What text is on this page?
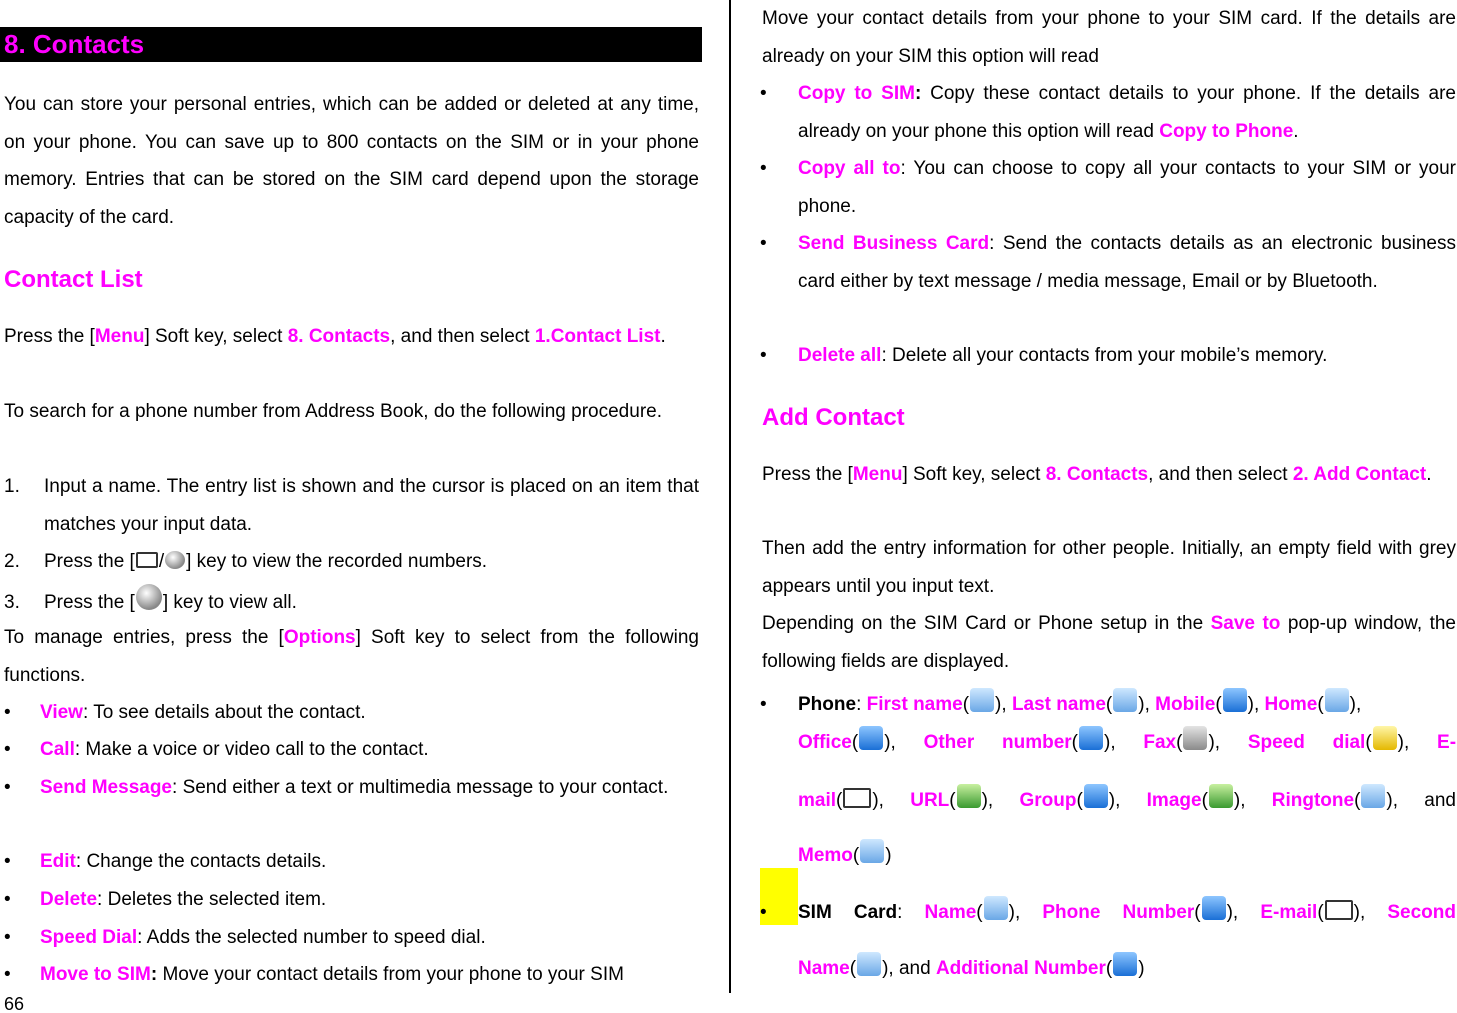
8. Contacts
You can store your personal entries, which can be added or deleted at any time, on your phone. You can save up to 800 contacts on the SIM or in your phone memory. Entries that can be stored on the SIM card depend upon the storage capacity of the card.
Contact List
Press the [Menu] Soft key, select 8. Contacts, and then select 1.Contact List.
To search for a phone number from Address Book, do the following procedure.
1.	Input a name. The entry list is shown and the cursor is placed on an item that matches your input data.
2.	Press the [ / ] key to view the recorded numbers.
3.	Press the [ ] key to view all.
To manage entries, press the [Options] Soft key to select from the following functions.
•	View: To see details about the contact.
•	Call: Make a voice or video call to the contact.
•	Send Message: Send either a text or multimedia message to your contact.
•	Edit: Change the contacts details.
•	Delete: Deletes the selected item.
•	Speed Dial: Adds the selected number to speed dial.
•	Move to SIM: Move your contact details from your phone to your SIM
66
Move your contact details from your phone to your SIM card. If the details are already on your SIM this option will read
•	Copy to SIM: Copy these contact details to your phone. If the details are already on your phone this option will read Copy to Phone.
•	Copy all to: You can choose to copy all your contacts to your SIM or your phone.
•	Send Business Card: Send the contacts details as an electronic business card either by text message / media message, Email or by Bluetooth.
•	Delete all: Delete all your contacts from your mobile’s memory.
Add Contact
Press the [Menu] Soft key, select 8. Contacts, and then select 2. Add Contact.
Then add the entry information for other people. Initially, an empty field with grey appears until you input text.
Depending on the SIM Card or Phone setup in the Save to pop-up window, the following fields are displayed.
•	Phone: First name( ), Last name( ), Mobile( ), Home( ),
Office( ), Other number( ), Fax( ), Speed dial( ), E-
mail( ), URL( ), Group( ), Image( ), Ringtone( ), and
Memo( )
•	SIM Card: Name( ), Phone Number( ), E-mail( ), Second
Name( ), and Additional Number( )
